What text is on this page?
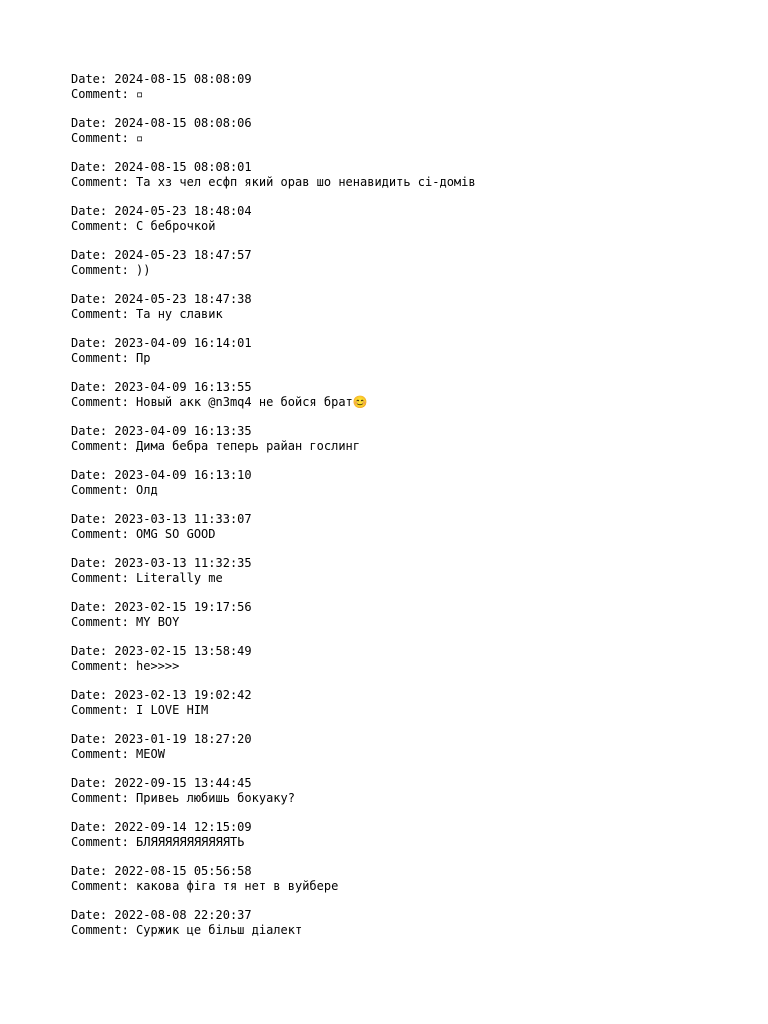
Date: 2024-08-15 08:08:09
Comment: ▫
Date: 2024-08-15 08:08:06
Comment: ▫
Date: 2024-08-15 08:08:01
Comment: Та хз чел есфп який орав шо ненавидить сі-домів
Date: 2024-05-23 18:48:04
Comment: С беброчкой
Date: 2024-05-23 18:47:57
Comment: ))
Date: 2024-05-23 18:47:38
Comment: Та ну славик
Date: 2023-04-09 16:14:01
Comment: Пр
Date: 2023-04-09 16:13:55
Comment: Новый акк @n3mq4 не бойся брат😊
Date: 2023-04-09 16:13:35
Comment: Дима бебра теперь райан гослинг
Date: 2023-04-09 16:13:10
Comment: Олд
Date: 2023-03-13 11:33:07
Comment: OMG SO GOOD
Date: 2023-03-13 11:32:35
Comment: Literally me
Date: 2023-02-15 19:17:56
Comment: MY BOY
Date: 2023-02-15 13:58:49
Comment: he>>>>
Date: 2023-02-13 19:02:42
Comment: I LOVE HIM
Date: 2023-01-19 18:27:20
Comment: MEOW
Date: 2022-09-15 13:44:45
Comment: Привеь любишь бокуаку?
Date: 2022-09-14 12:15:09
Comment: БЛЯЯЯЯЯЯЯЯЯЯЯТЬ
Date: 2022-08-15 05:56:58
Comment: какова фіга тя нет в вуйбере
Date: 2022-08-08 22:20:37
Comment: Суржик це більш діалект
